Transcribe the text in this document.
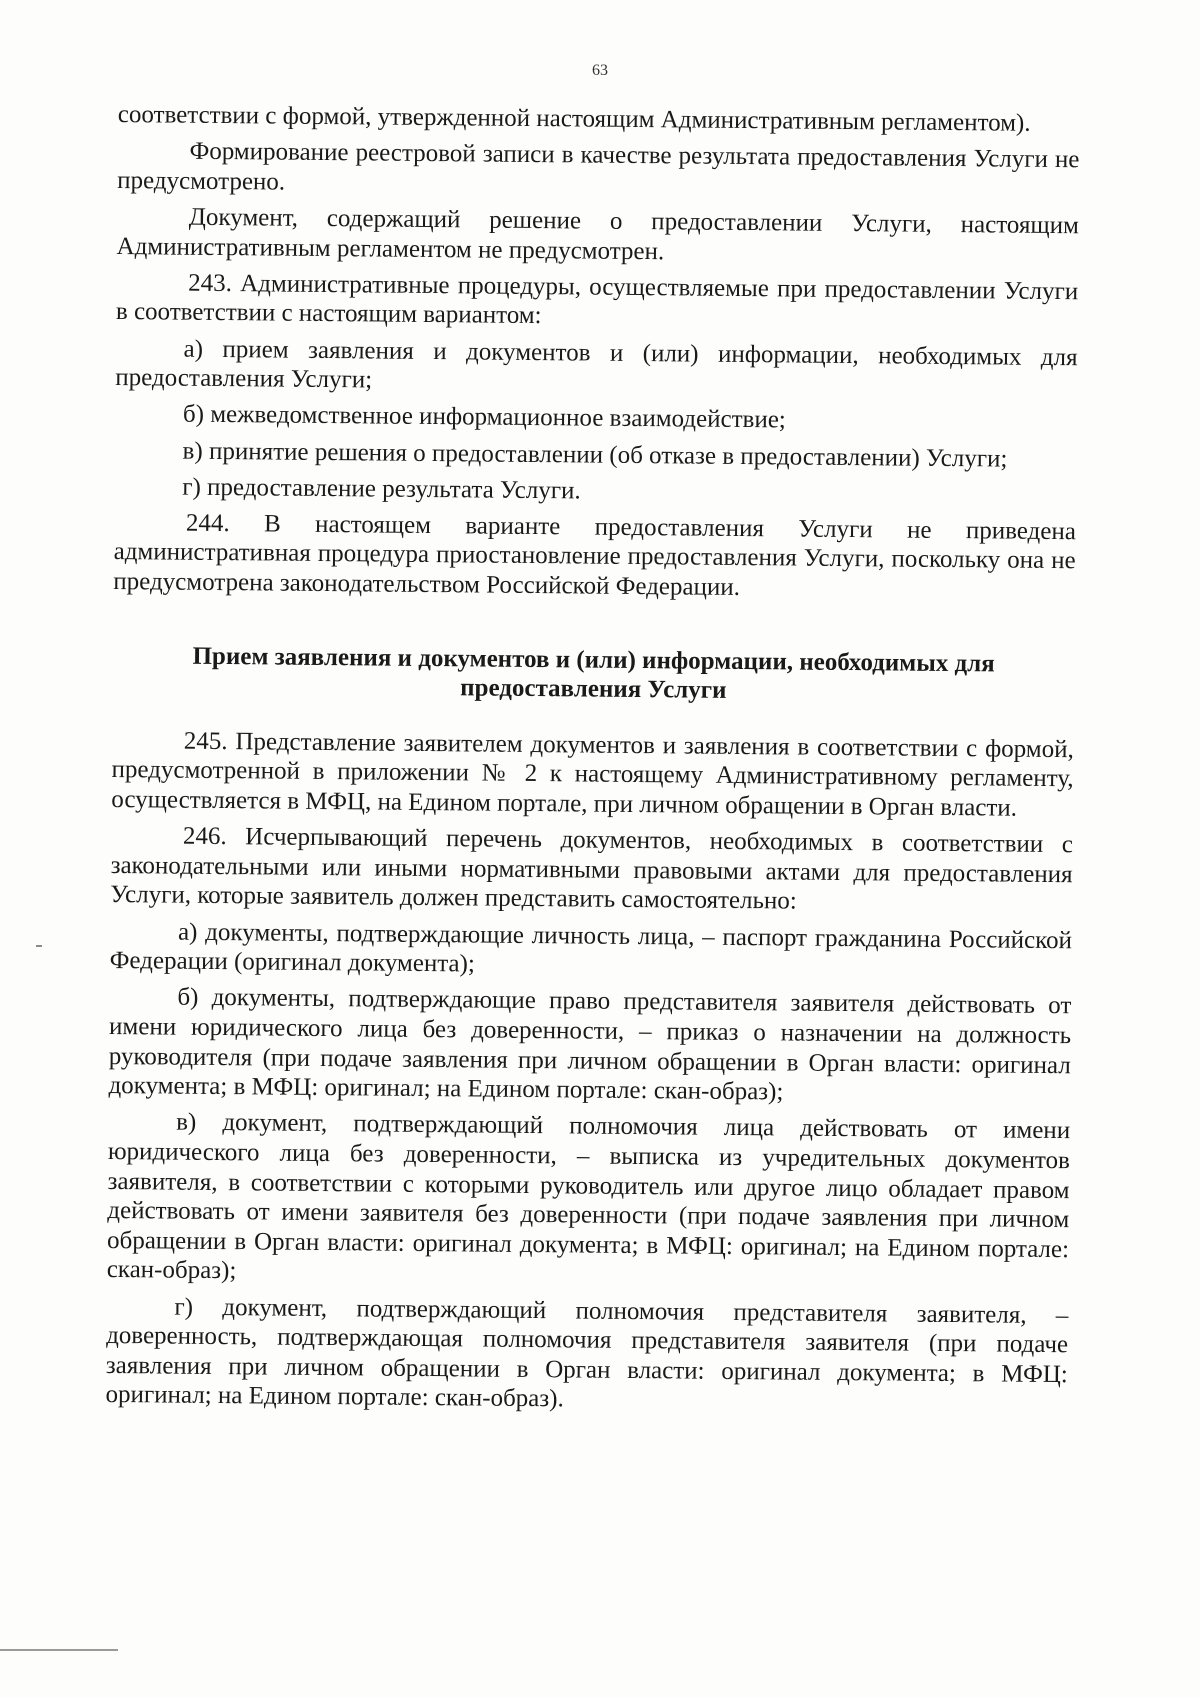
63

соответствии с формой, утвержденной настоящим Административным регламентом).

Формирование реестровой записи в качестве результата предоставления Услуги не предусмотрено.

Документ, содержащий решение о предоставлении Услуги, настоящим Административным регламентом не предусмотрен.

243. Административные процедуры, осуществляемые при предоставлении Услуги в соответствии с настоящим вариантом:

а) прием заявления и документов и (или) информации, необходимых для предоставления Услуги;

б) межведомственное информационное взаимодействие;

в) принятие решения о предоставлении (об отказе в предоставлении) Услуги;

г) предоставление результата Услуги.

244. В настоящем варианте предоставления Услуги не приведена административная процедура приостановление предоставления Услуги, поскольку она не предусмотрена законодательством Российской Федерации.

Прием заявления и документов и (или) информации, необходимых для предоставления Услуги

245. Представление заявителем документов и заявления в соответствии с формой, предусмотренной в приложении № 2 к настоящему Административному регламенту, осуществляется в МФЦ, на Едином портале, при личном обращении в Орган власти.

246. Исчерпывающий перечень документов, необходимых в соответствии с законодательными или иными нормативными правовыми актами для предоставления Услуги, которые заявитель должен представить самостоятельно:

а) документы, подтверждающие личность лица, – паспорт гражданина Российской Федерации (оригинал документа);

б) документы, подтверждающие право представителя заявителя действовать от имени юридического лица без доверенности, – приказ о назначении на должность руководителя (при подаче заявления при личном обращении в Орган власти: оригинал документа; в МФЦ: оригинал; на Едином портале: скан-образ);

в) документ, подтверждающий полномочия лица действовать от имени юридического лица без доверенности, – выписка из учредительных документов заявителя, в соответствии с которыми руководитель или другое лицо обладает правом действовать от имени заявителя без доверенности (при подаче заявления при личном обращении в Орган власти: оригинал документа; в МФЦ: оригинал; на Едином портале: скан-образ);

г) документ, подтверждающий полномочия представителя заявителя, – доверенность, подтверждающая полномочия представителя заявителя (при подаче заявления при личном обращении в Орган власти: оригинал документа; в МФЦ: оригинал; на Едином портале: скан-образ).
